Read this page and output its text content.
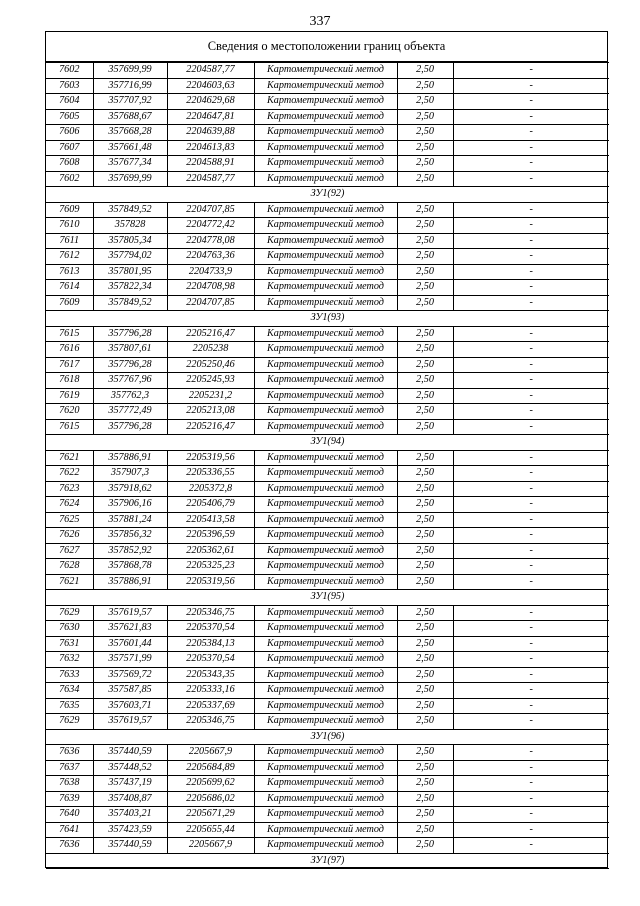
337
Сведения о местоположении границ объекта
7602	357699,99	2204587,77	Картометрический метод	2,50	-
7603	357716,99	2204603,63	Картометрический метод	2,50	-
7604	357707,92	2204629,68	Картометрический метод	2,50	-
7605	357688,67	2204647,81	Картометрический метод	2,50	-
7606	357668,28	2204639,88	Картометрический метод	2,50	-
7607	357661,48	2204613,83	Картометрический метод	2,50	-
7608	357677,34	2204588,91	Картометрический метод	2,50	-
7602	357699,99	2204587,77	Картометрический метод	2,50	-
ЗУ1(92)					
7609	357849,52	2204707,85	Картометрический метод	2,50	-
7610	357828	2204772,42	Картометрический метод	2,50	-
7611	357805,34	2204778,08	Картометрический метод	2,50	-
7612	357794,02	2204763,36	Картометрический метод	2,50	-
7613	357801,95	2204733,9	Картометрический метод	2,50	-
7614	357822,34	2204708,98	Картометрический метод	2,50	-
7609	357849,52	2204707,85	Картометрический метод	2,50	-
ЗУ1(93)					
7615	357796,28	2205216,47	Картометрический метод	2,50	-
7616	357807,61	2205238	Картометрический метод	2,50	-
7617	357796,28	2205250,46	Картометрический метод	2,50	-
7618	357767,96	2205245,93	Картометрический метод	2,50	-
7619	357762,3	2205231,2	Картометрический метод	2,50	-
7620	357772,49	2205213,08	Картометрический метод	2,50	-
7615	357796,28	2205216,47	Картометрический метод	2,50	-
ЗУ1(94)					
7621	357886,91	2205319,56	Картометрический метод	2,50	-
7622	357907,3	2205336,55	Картометрический метод	2,50	-
7623	357918,62	2205372,8	Картометрический метод	2,50	-
7624	357906,16	2205406,79	Картометрический метод	2,50	-
7625	357881,24	2205413,58	Картометрический метод	2,50	-
7626	357856,32	2205396,59	Картометрический метод	2,50	-
7627	357852,92	2205362,61	Картометрический метод	2,50	-
7628	357868,78	2205325,23	Картометрический метод	2,50	-
7621	357886,91	2205319,56	Картометрический метод	2,50	-
ЗУ1(95)					
7629	357619,57	2205346,75	Картометрический метод	2,50	-
7630	357621,83	2205370,54	Картометрический метод	2,50	-
7631	357601,44	2205384,13	Картометрический метод	2,50	-
7632	357571,99	2205370,54	Картометрический метод	2,50	-
7633	357569,72	2205343,35	Картометрический метод	2,50	-
7634	357587,85	2205333,16	Картометрический метод	2,50	-
7635	357603,71	2205337,69	Картометрический метод	2,50	-
7629	357619,57	2205346,75	Картометрический метод	2,50	-
ЗУ1(96)					
7636	357440,59	2205667,9	Картометрический метод	2,50	-
7637	357448,52	2205684,89	Картометрический метод	2,50	-
7638	357437,19	2205699,62	Картометрический метод	2,50	-
7639	357408,87	2205686,02	Картометрический метод	2,50	-
7640	357403,21	2205671,29	Картометрический метод	2,50	-
7641	357423,59	2205655,44	Картометрический метод	2,50	-
7636	357440,59	2205667,9	Картометрический метод	2,50	-
ЗУ1(97)					
